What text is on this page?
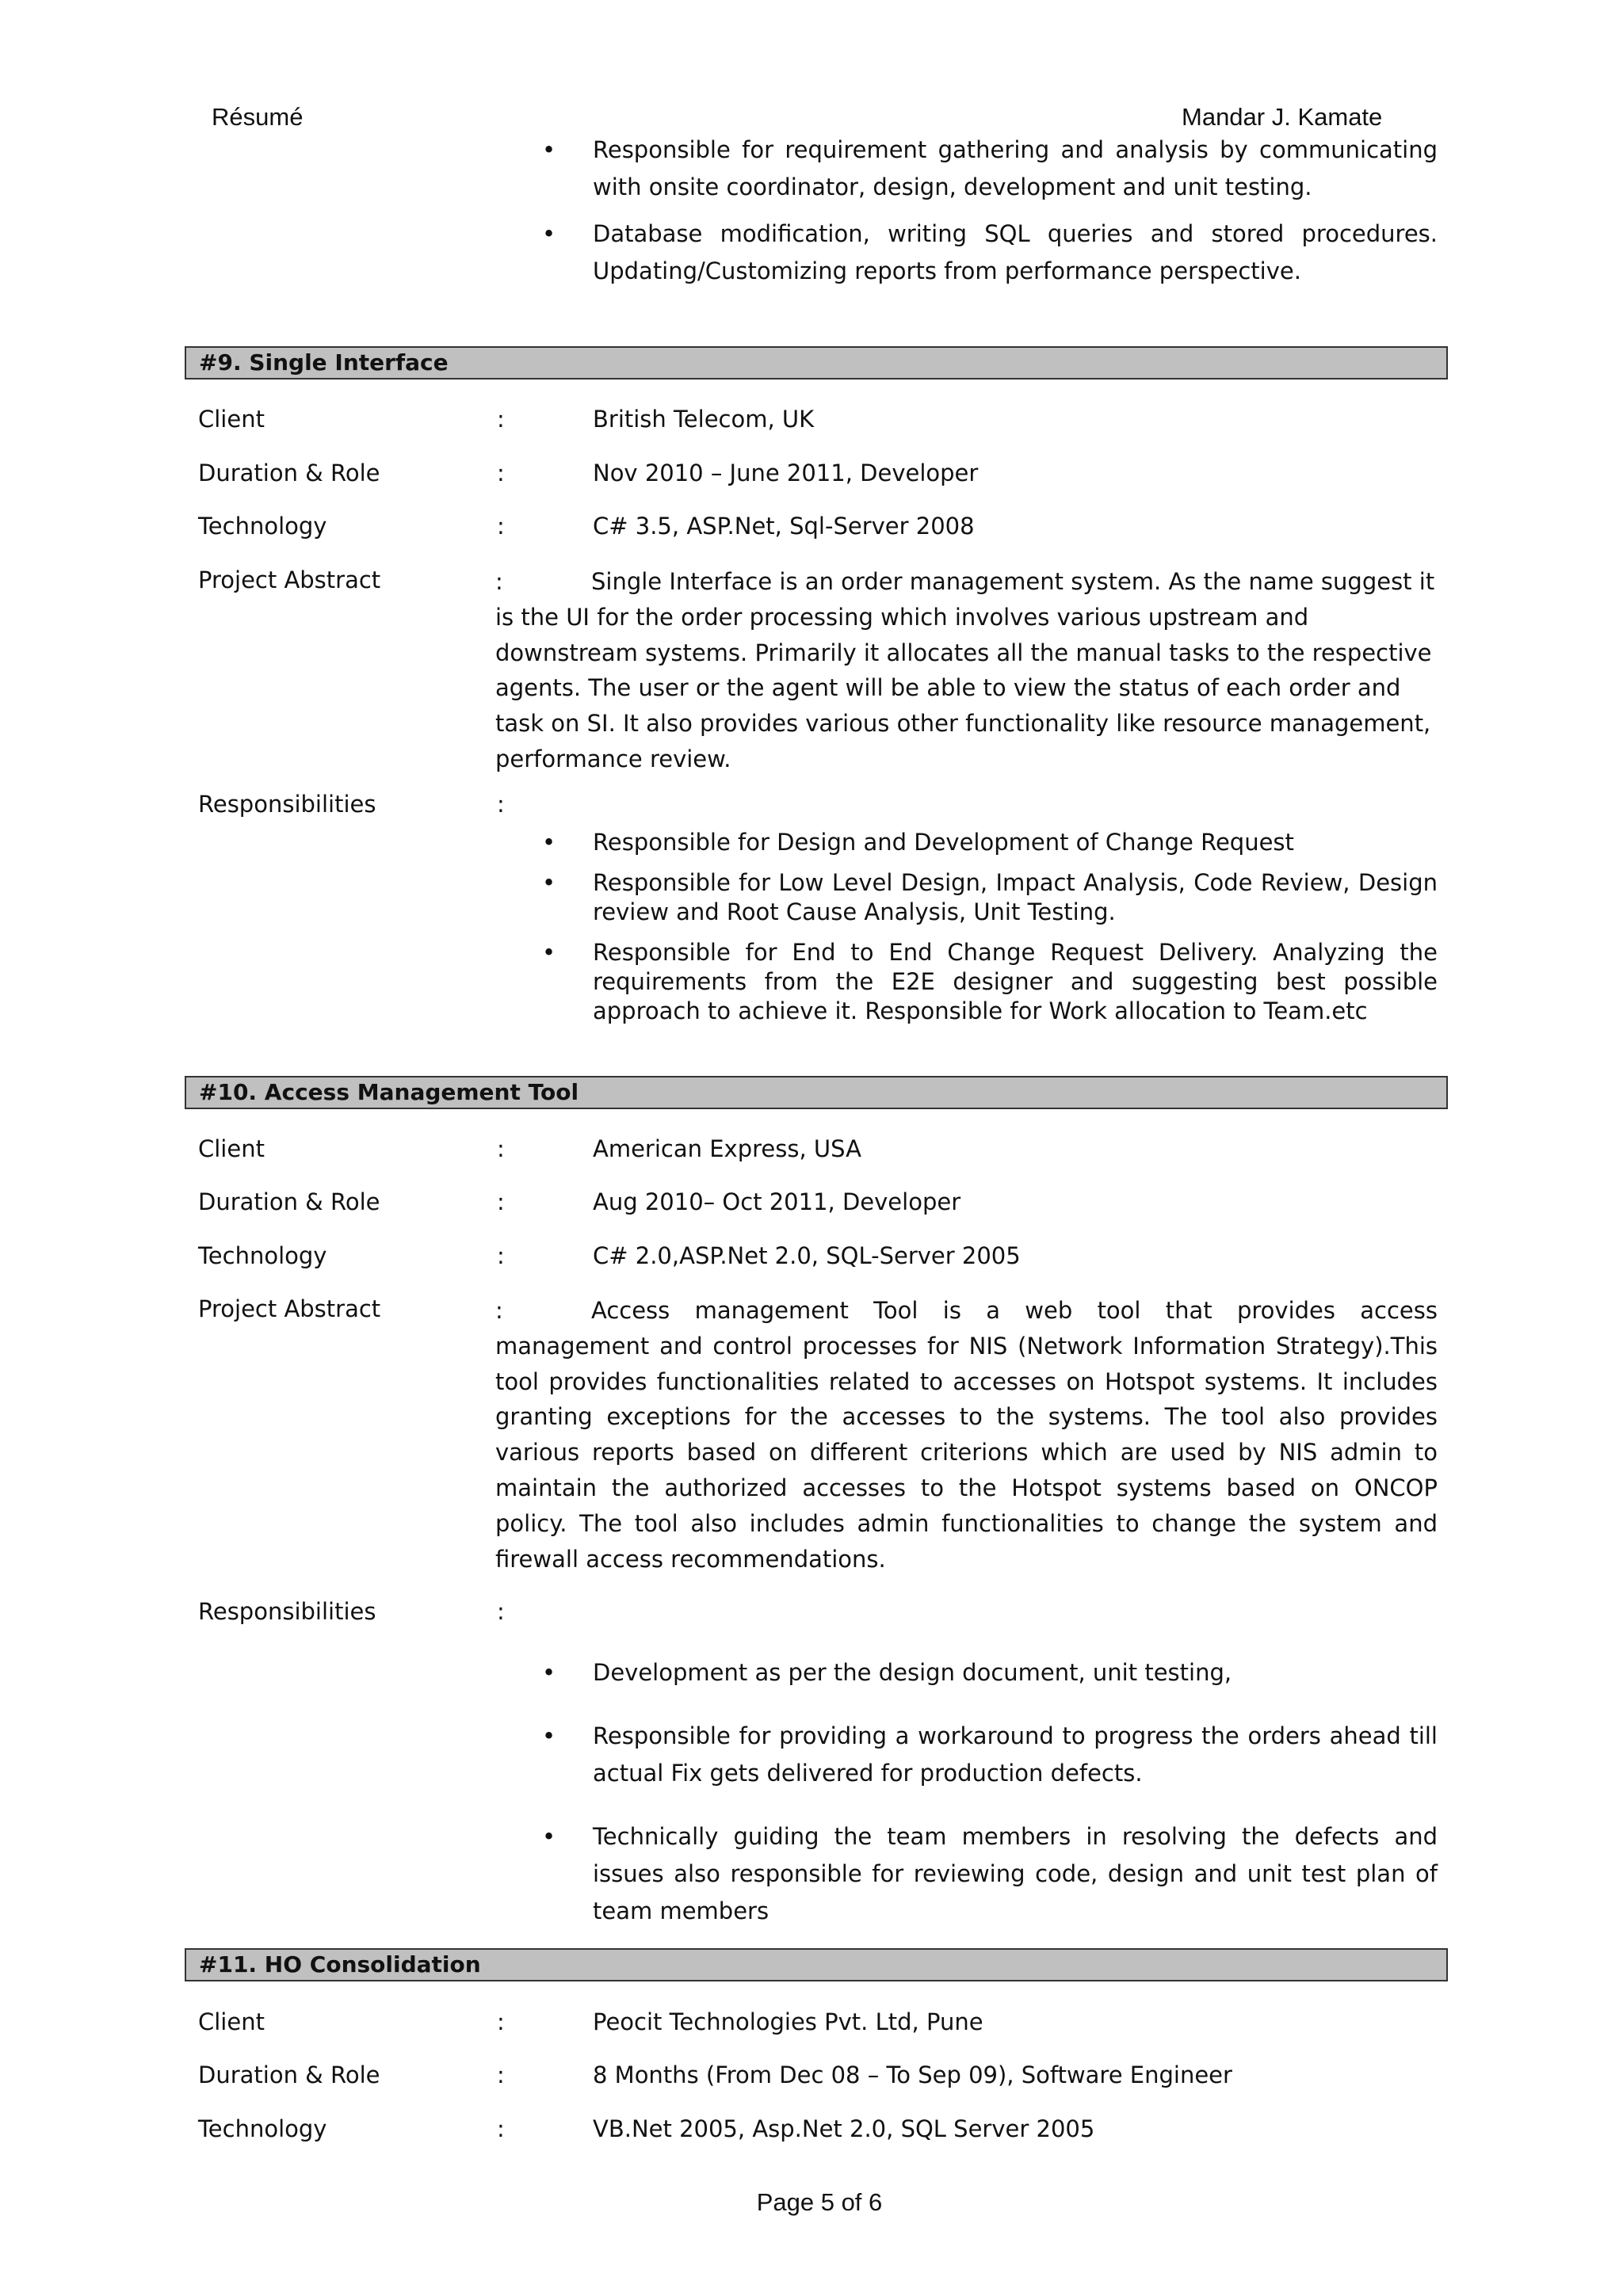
Résumé	Mandar J. Kamate
• Responsible for requirement gathering and analysis by communicating with onsite coordinator, design, development and unit testing.
• Database modification, writing SQL queries and stored procedures. Updating/Customizing reports from performance perspective.
#9. Single Interface
Client	:	British Telecom, UK
Duration & Role	:	Nov 2010 – June 2011, Developer
Technology	:	C# 3.5, ASP.Net, Sql-Server 2008
Project Abstract	:	Single Interface is an order management system. As the name suggest it is the UI for the order processing which involves various upstream and downstream systems. Primarily it allocates all the manual tasks to the respective agents. The user or the agent will be able to view the status of each order and task on SI. It also provides various other functionality like resource management, performance review.

Responsibilities	:
• Responsible for Design and Development of Change Request
• Responsible for Low Level Design, Impact Analysis, Code Review, Design review and Root Cause Analysis, Unit Testing.
• Responsible for End to End Change Request Delivery. Analyzing the requirements from the E2E designer and suggesting best possible approach to achieve it. Responsible for Work allocation to Team.etc
#10. Access Management Tool
Client	:	American Express, USA
Duration & Role	:	Aug 2010– Oct 2011, Developer
Technology	:	C# 2.0,ASP.Net 2.0, SQL-Server 2005
Project Abstract	:	Access management Tool is a web tool that provides access management and control processes for NIS (Network Information Strategy).This tool provides functionalities related to accesses on Hotspot systems. It includes granting exceptions for the accesses to the systems. The tool also provides various reports based on different criterions which are used by NIS admin to maintain the authorized accesses to the Hotspot systems based on ONCOP policy. The tool also includes admin functionalities to change the system and firewall access recommendations.

Responsibilities	:
• Development as per the design document, unit testing,
• Responsible for providing a workaround to progress the orders ahead till actual Fix gets delivered for production defects.
• Technically guiding the team members in resolving the defects and issues also responsible for reviewing code, design and unit test plan of team members
#11. HO Consolidation
Client	:	Peocit Technologies Pvt. Ltd, Pune
Duration & Role	:	8 Months (From Dec 08 – To Sep 09), Software Engineer
Technology	:	VB.Net 2005, Asp.Net 2.0, SQL Server 2005
Page 5 of 6
